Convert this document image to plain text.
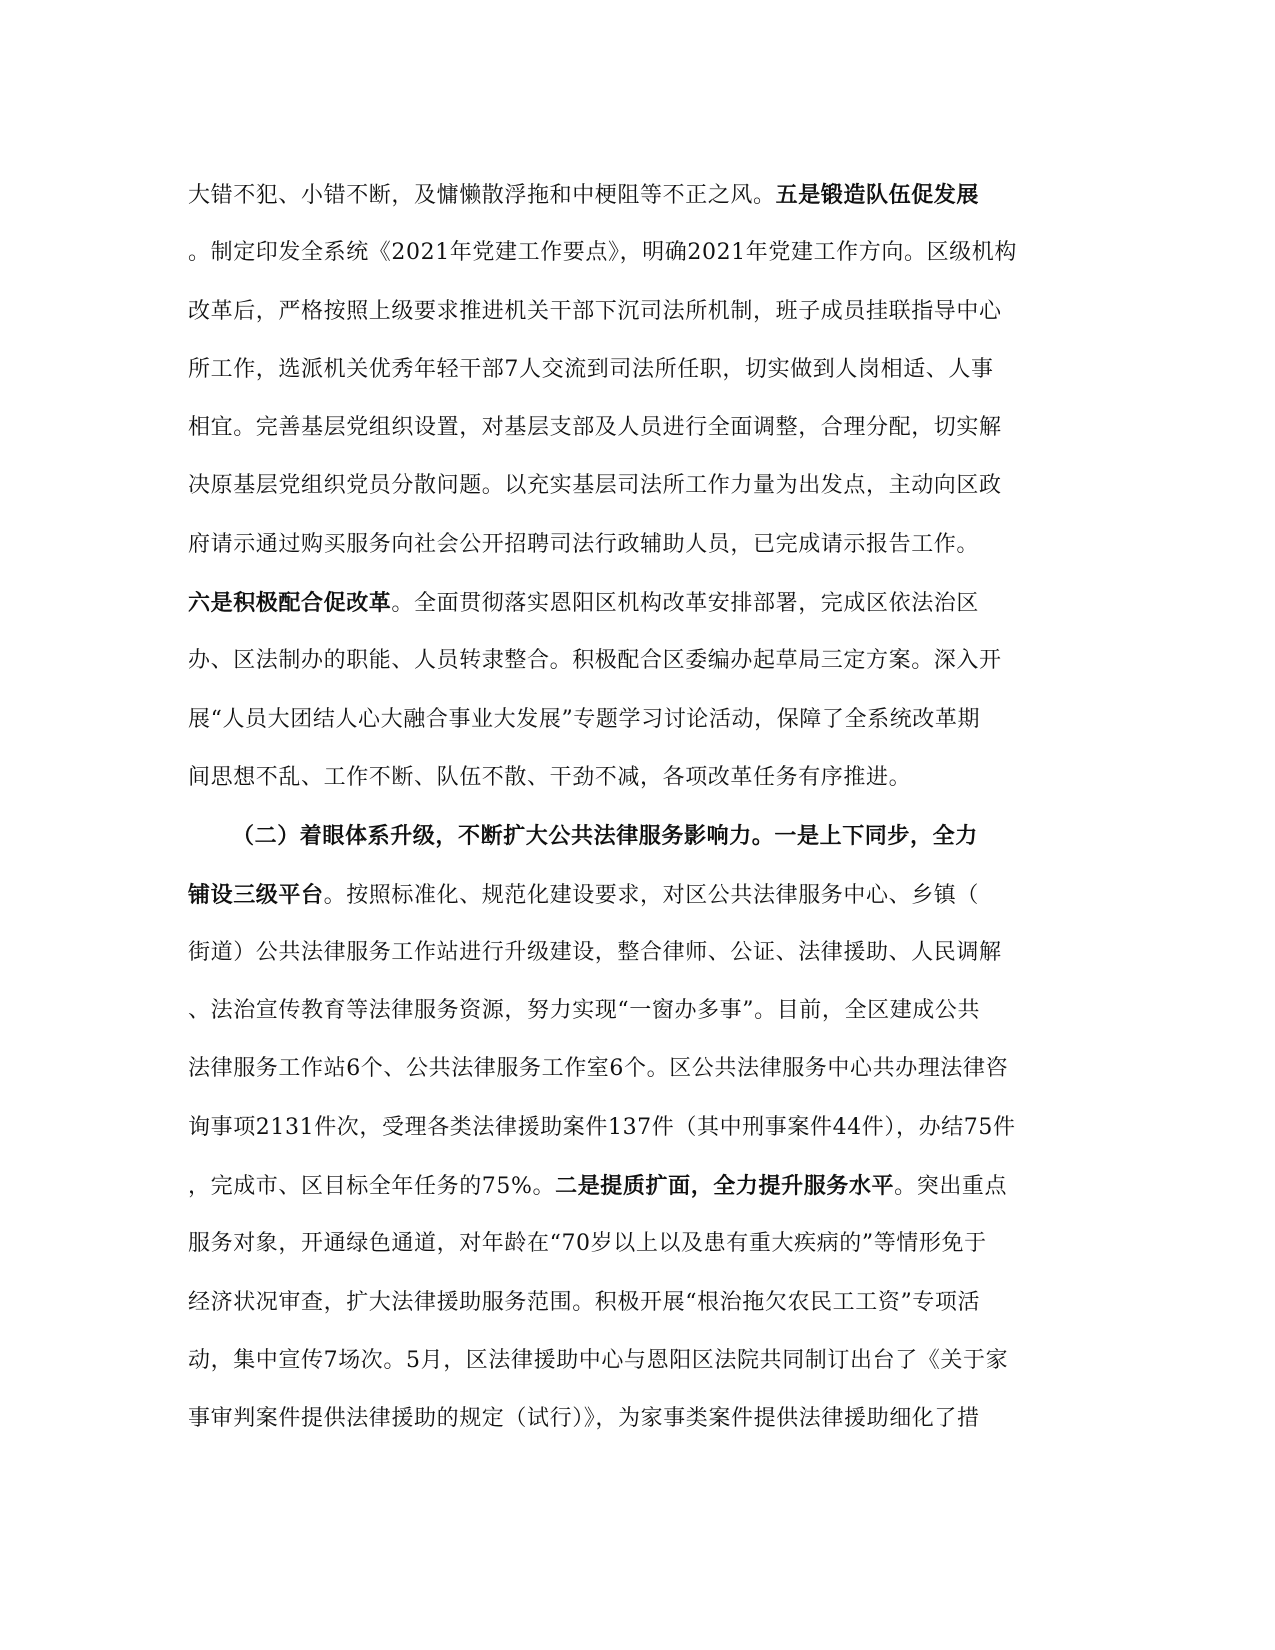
大错不犯、小错不断，及慵懒散浮拖和中梗阻等不正之风。五是锻造队伍促发展
。制定印发全系统《2021年党建工作要点》，明确2021年党建工作方向。区级机构
改革后，严格按照上级要求推进机关干部下沉司法所机制，班子成员挂联指导中心
所工作，选派机关优秀年轻干部7人交流到司法所任职，切实做到人岗相适、人事
相宜。完善基层党组织设置，对基层支部及人员进行全面调整，合理分配，切实解
决原基层党组织党员分散问题。以充实基层司法所工作力量为出发点，主动向区政
府请示通过购买服务向社会公开招聘司法行政辅助人员，已完成请示报告工作。
六是积极配合促改革。全面贯彻落实恩阳区机构改革安排部署，完成区依法治区
办、区法制办的职能、人员转隶整合。积极配合区委编办起草局三定方案。深入开
展“人员大团结人心大融合事业大发展”专题学习讨论活动，保障了全系统改革期
间思想不乱、工作不断、队伍不散、干劲不减，各项改革任务有序推进。
（二）着眼体系升级，不断扩大公共法律服务影响力。一是上下同步，全力
铺设三级平台。按照标准化、规范化建设要求，对区公共法律服务中心、乡镇（
街道）公共法律服务工作站进行升级建设，整合律师、公证、法律援助、人民调解
、法治宣传教育等法律服务资源，努力实现“一窗办多事”。目前，全区建成公共
法律服务工作站6个、公共法律服务工作室6个。区公共法律服务中心共办理法律咨
询事项2131件次，受理各类法律援助案件137件（其中刑事案件44件），办结75件
，完成市、区目标全年任务的75%。二是提质扩面，全力提升服务水平。突出重点
服务对象，开通绿色通道，对年龄在“70岁以上以及患有重大疾病的”等情形免于
经济状况审查，扩大法律援助服务范围。积极开展“根治拖欠农民工工资”专项活
动，集中宣传7场次。5月，区法律援助中心与恩阳区法院共同制订出台了《关于家
事审判案件提供法律援助的规定（试行）》，为家事类案件提供法律援助细化了措
